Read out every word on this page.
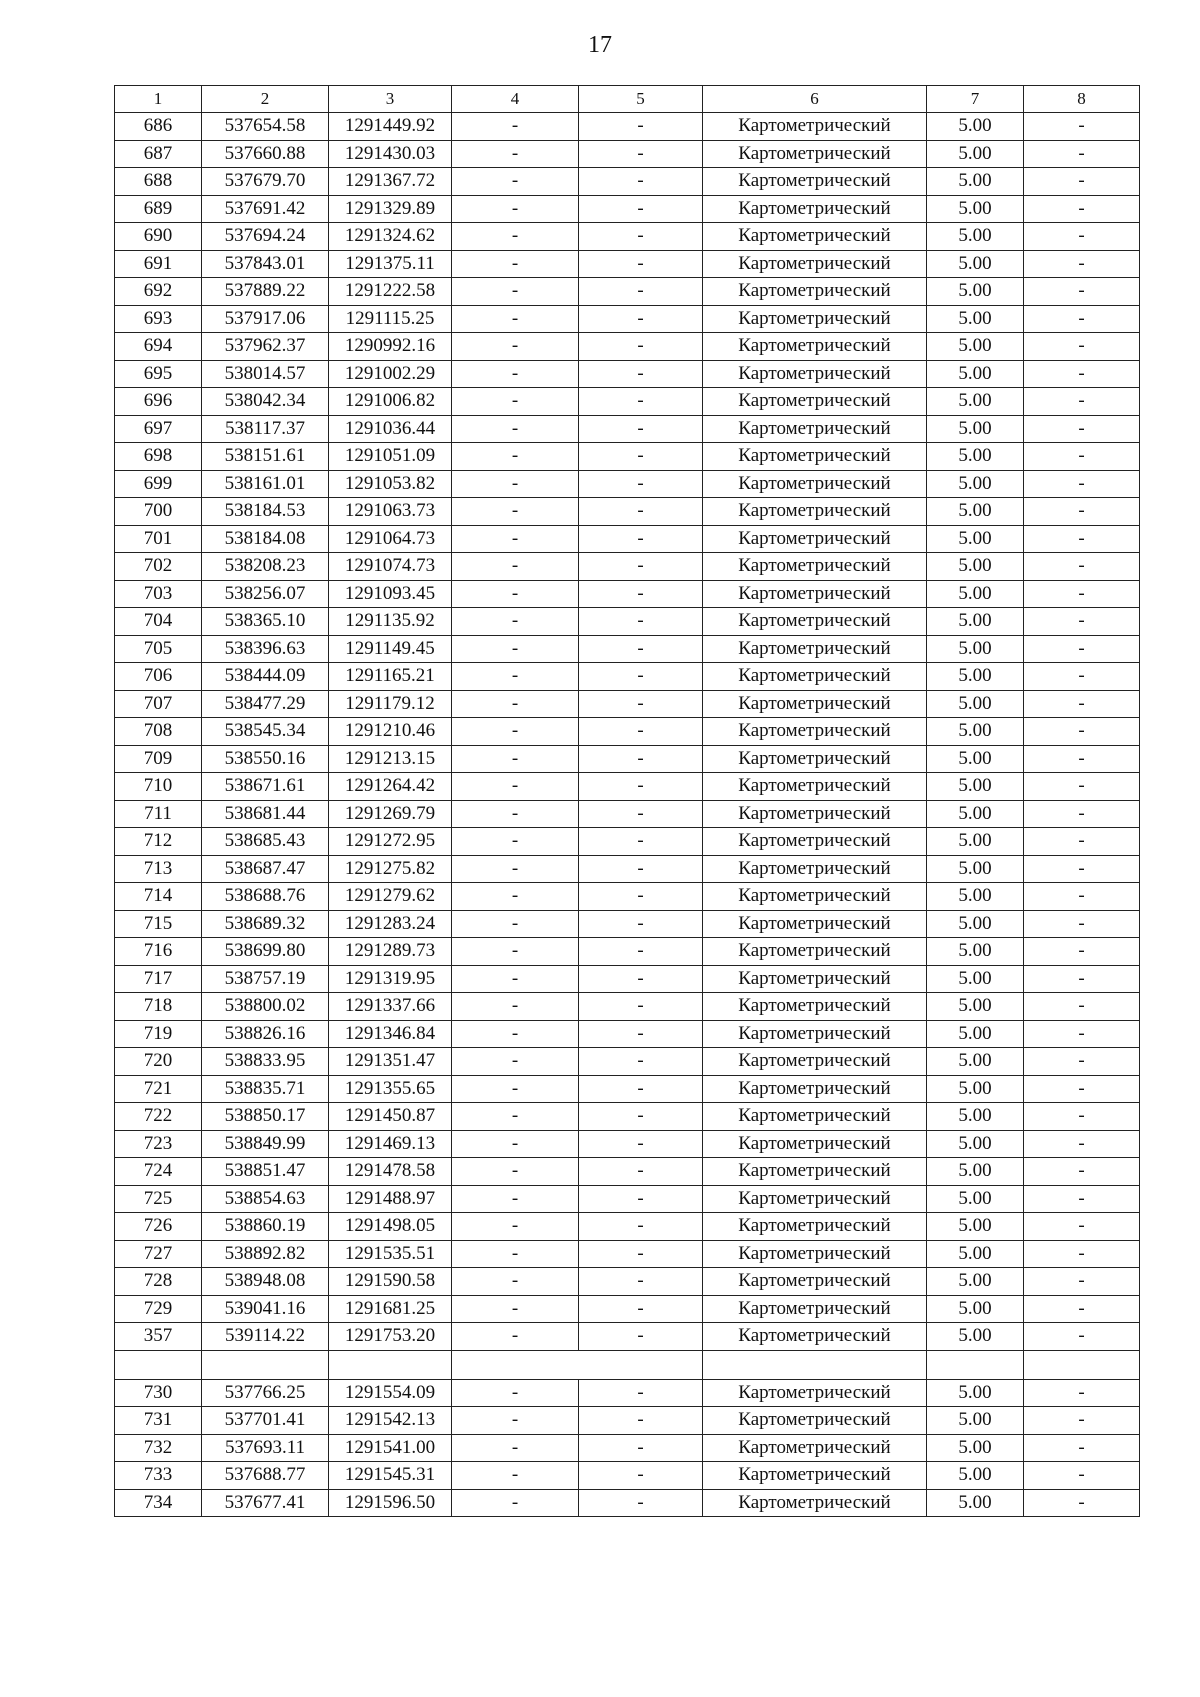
17
1	2	3	4	5	6	7	8
686	537654.58	1291449.92	-	-	Картометрический	5.00	-
687	537660.88	1291430.03	-	-	Картометрический	5.00	-
688	537679.70	1291367.72	-	-	Картометрический	5.00	-
689	537691.42	1291329.89	-	-	Картометрический	5.00	-
690	537694.24	1291324.62	-	-	Картометрический	5.00	-
691	537843.01	1291375.11	-	-	Картометрический	5.00	-
692	537889.22	1291222.58	-	-	Картометрический	5.00	-
693	537917.06	1291115.25	-	-	Картометрический	5.00	-
694	537962.37	1290992.16	-	-	Картометрический	5.00	-
695	538014.57	1291002.29	-	-	Картометрический	5.00	-
696	538042.34	1291006.82	-	-	Картометрический	5.00	-
697	538117.37	1291036.44	-	-	Картометрический	5.00	-
698	538151.61	1291051.09	-	-	Картометрический	5.00	-
699	538161.01	1291053.82	-	-	Картометрический	5.00	-
700	538184.53	1291063.73	-	-	Картометрический	5.00	-
701	538184.08	1291064.73	-	-	Картометрический	5.00	-
702	538208.23	1291074.73	-	-	Картометрический	5.00	-
703	538256.07	1291093.45	-	-	Картометрический	5.00	-
704	538365.10	1291135.92	-	-	Картометрический	5.00	-
705	538396.63	1291149.45	-	-	Картометрический	5.00	-
706	538444.09	1291165.21	-	-	Картометрический	5.00	-
707	538477.29	1291179.12	-	-	Картометрический	5.00	-
708	538545.34	1291210.46	-	-	Картометрический	5.00	-
709	538550.16	1291213.15	-	-	Картометрический	5.00	-
710	538671.61	1291264.42	-	-	Картометрический	5.00	-
711	538681.44	1291269.79	-	-	Картометрический	5.00	-
712	538685.43	1291272.95	-	-	Картометрический	5.00	-
713	538687.47	1291275.82	-	-	Картометрический	5.00	-
714	538688.76	1291279.62	-	-	Картометрический	5.00	-
715	538689.32	1291283.24	-	-	Картометрический	5.00	-
716	538699.80	1291289.73	-	-	Картометрический	5.00	-
717	538757.19	1291319.95	-	-	Картометрический	5.00	-
718	538800.02	1291337.66	-	-	Картометрический	5.00	-
719	538826.16	1291346.84	-	-	Картометрический	5.00	-
720	538833.95	1291351.47	-	-	Картометрический	5.00	-
721	538835.71	1291355.65	-	-	Картометрический	5.00	-
722	538850.17	1291450.87	-	-	Картометрический	5.00	-
723	538849.99	1291469.13	-	-	Картометрический	5.00	-
724	538851.47	1291478.58	-	-	Картометрический	5.00	-
725	538854.63	1291488.97	-	-	Картометрический	5.00	-
726	538860.19	1291498.05	-	-	Картометрический	5.00	-
727	538892.82	1291535.51	-	-	Картометрический	5.00	-
728	538948.08	1291590.58	-	-	Картометрический	5.00	-
729	539041.16	1291681.25	-	-	Картометрический	5.00	-
357	539114.22	1291753.20	-	-	Картометрический	5.00	-

730	537766.25	1291554.09	-	-	Картометрический	5.00	-
731	537701.41	1291542.13	-	-	Картометрический	5.00	-
732	537693.11	1291541.00	-	-	Картометрический	5.00	-
733	537688.77	1291545.31	-	-	Картометрический	5.00	-
734	537677.41	1291596.50	-	-	Картометрический	5.00	-
